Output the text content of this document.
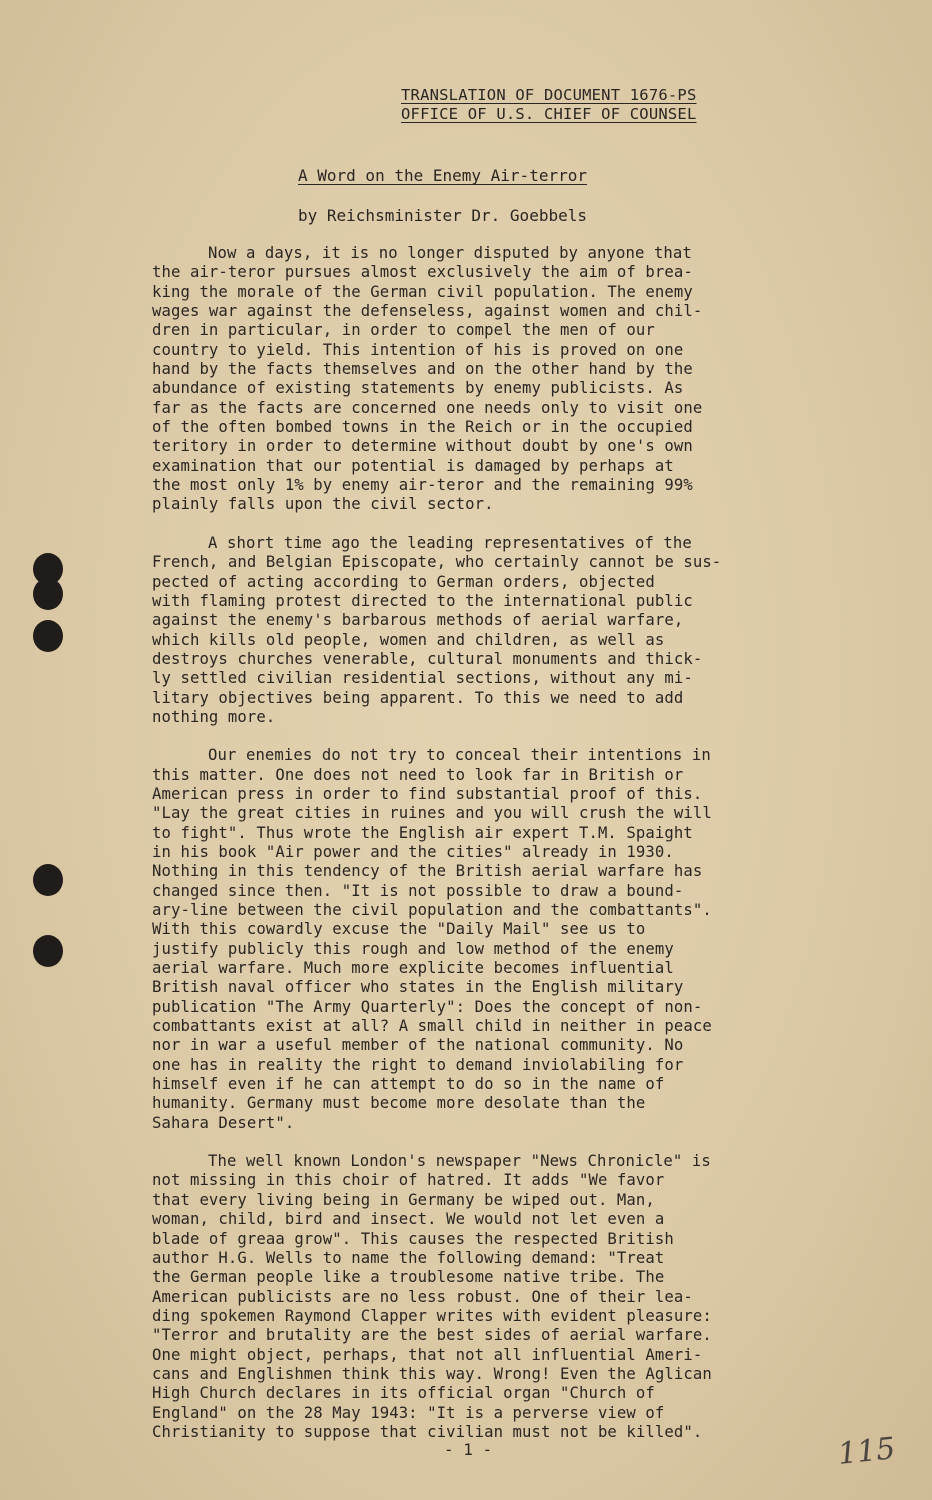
TRANSLATION OF DOCUMENT 1676-PS
OFFICE OF U.S. CHIEF OF COUNSEL
A Word on the Enemy Air-terror
by Reichsminister Dr. Goebbels
Now a days, it is no longer disputed by anyone that
the air-teror pursues almost exclusively the aim of brea-
king the morale of the German civil population. The enemy
wages war against the defenseless, against women and chil-
dren in particular, in order to compel the men of our
country to yield. This intention of his is proved on one
hand by the facts themselves and on the other hand by the
abundance of existing statements by enemy publicists. As
far as the facts are concerned one needs only to visit one
of the often bombed towns in the Reich or in the occupied
teritory in order to determine without doubt by one's own
examination that our potential is damaged by perhaps at
the most only 1% by enemy air-teror and the remaining 99%
plainly falls upon the civil sector.
A short time ago the leading representatives of the
French, and Belgian Episcopate, who certainly cannot be sus-
pected of acting according to German orders, objected
with flaming protest directed to the international public
against the enemy's barbarous methods of aerial warfare,
which kills old people, women and children, as well as
destroys churches venerable, cultural monuments and thick-
ly settled civilian residential sections, without any mi-
litary objectives being apparent. To this we need to add
nothing more.
Our enemies do not try to conceal their intentions in
this matter. One does not need to look far in British or
American press in order to find substantial proof of this.
"Lay the great cities in ruines and you will crush the will
to fight". Thus wrote the English air expert T.M. Spaight
in his book "Air power and the cities" already in 1930.
Nothing in this tendency of the British aerial warfare has
changed since then. "It is not possible to draw a bound-
ary-line between the civil population and the combattants".
With this cowardly excuse the "Daily Mail" see us to
justify publicly this rough and low method of the enemy
aerial warfare. Much more explicite becomes influential
British naval officer who states in the English military
publication "The Army Quarterly": Does the concept of non-
combattants exist at all? A small child in neither in peace
nor in war a useful member of the national community. No
one has in reality the right to demand inviolabiling for
himself even if he can attempt to do so in the name of
humanity. Germany must become more desolate than the
Sahara Desert".
The well known London's newspaper "News Chronicle" is
not missing in this choir of hatred. It adds "We favor
that every living being in Germany be wiped out. Man,
woman, child, bird and insect. We would not let even a
blade of greaa grow". This causes the respected British
author H.G. Wells to name the following demand: "Treat
the German people like a troublesome native tribe. The
American publicists are no less robust. One of their lea-
ding spokemen Raymond Clapper writes with evident pleasure:
"Terror and brutality are the best sides of aerial warfare.
One might object, perhaps, that not all influential Ameri-
cans and Englishmen think this way. Wrong! Even the Aglican
High Church declares in its official organ "Church of
England" on the 28 May 1943: "It is a perverse view of
Christianity to suppose that civilian must not be killed".
- 1 -	115
